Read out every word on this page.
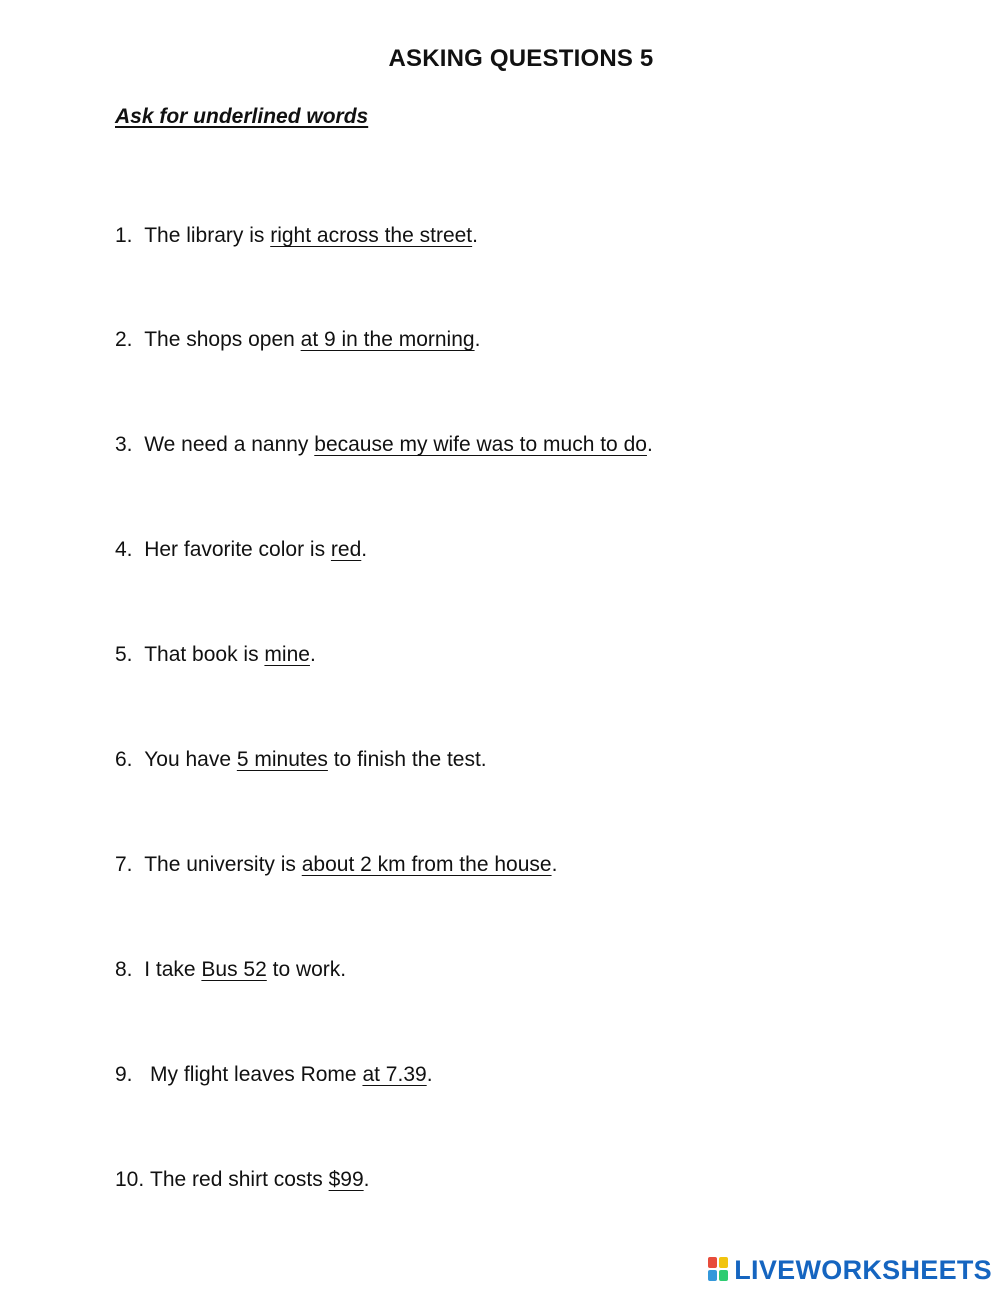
ASKING QUESTIONS 5
Ask for underlined words
1.  The library is right across the street.
2.  The shops open at 9 in the morning.
3.  We need a nanny because my wife was to much to do.
4.  Her favorite color is red.
5.  That book is mine.
6.  You have 5 minutes to finish the test.
7.  The university is about 2 km from the house.
8.  I take Bus 52 to work.
9.   My flight leaves Rome at 7.39.
10. The red shirt costs $99.
LIVEWORKSHEETS
